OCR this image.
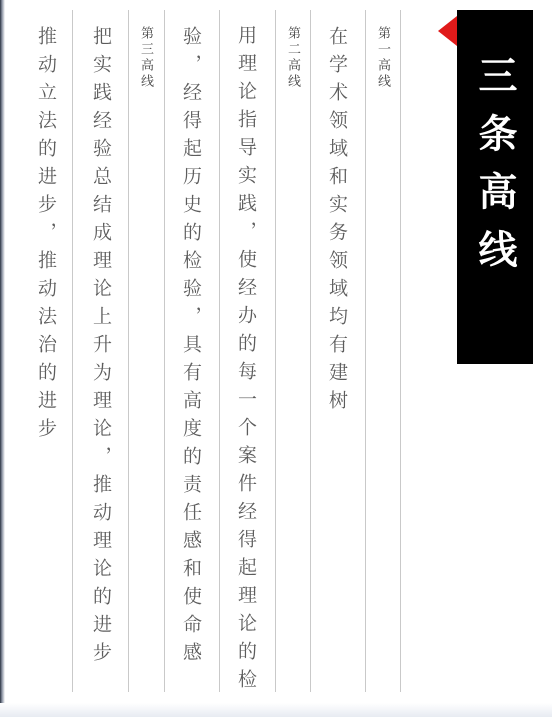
三条高线

第一高线

在学术领域和实务领域均有建树

第二高线

用理论指导实践，使经办的每一个案件经得起理论的检

验，经得起历史的检验，具有高度的责任感和使命感

第三高线

把实践经验总结成理论上升为理论，推动理论的进步

推动立法的进步，推动法治的进步
